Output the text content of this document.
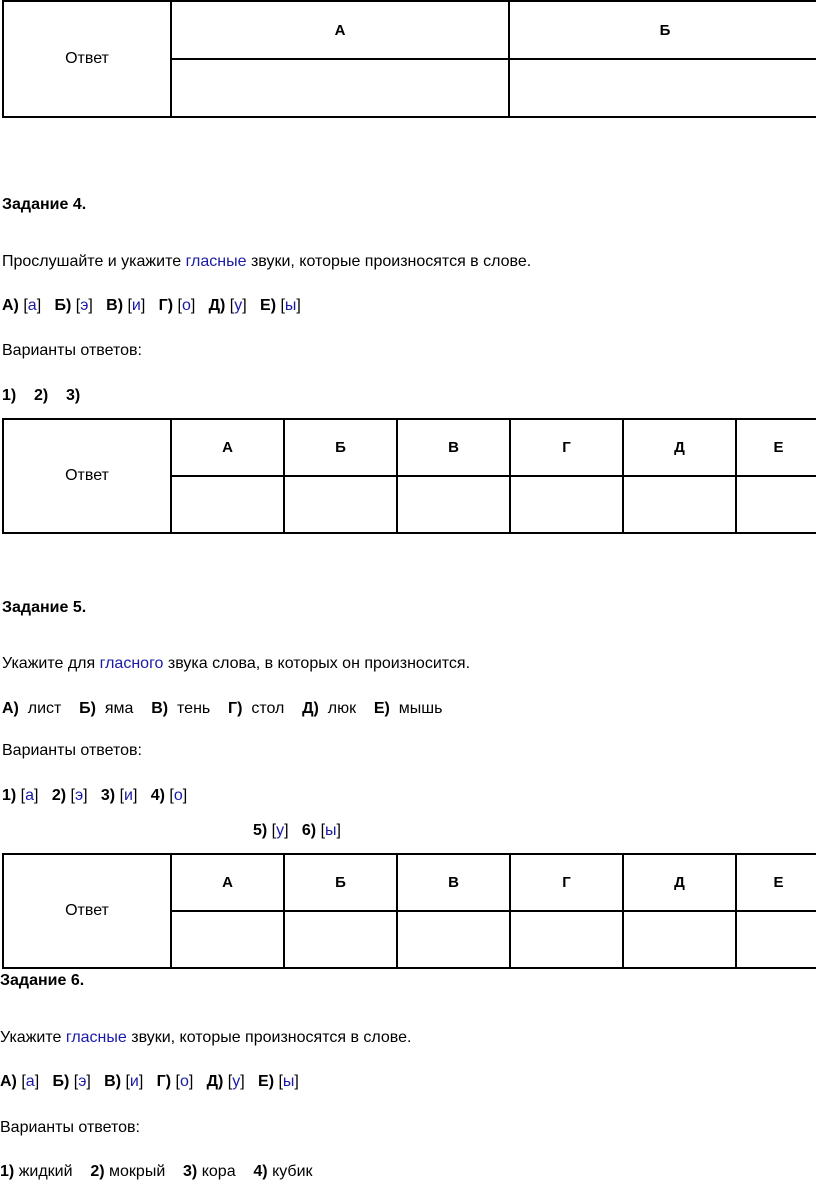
Ответ	А	Б

Задание 4.
Прослушайте и укажите гласные звуки, которые произносятся в слове.
А) [а]   Б) [э]   В) [и]   Г) [о]   Д) [у]   Е) [ы]
Варианты ответов:
1) 2) 3)
Ответ	А	Б	В	Г	Д	Е

Задание 5.
Укажите для гласного звука слова, в которых он произносится.
А) лист Б) яма В) тень Г) стол Д) люк Е) мышь
Варианты ответов:
1) [а]   2) [э]   3) [и]   4) [о]
5) [у]   6) [ы]
Ответ	А	Б	В	Г	Д	Е

Задание 6.
Укажите гласные звуки, которые произносятся в слове.
А) [а]   Б) [э]   В) [и]   Г) [о]   Д) [у]   Е) [ы]
Варианты ответов:
1) жидкий 2) мокрый 3) кора 4) кубик
